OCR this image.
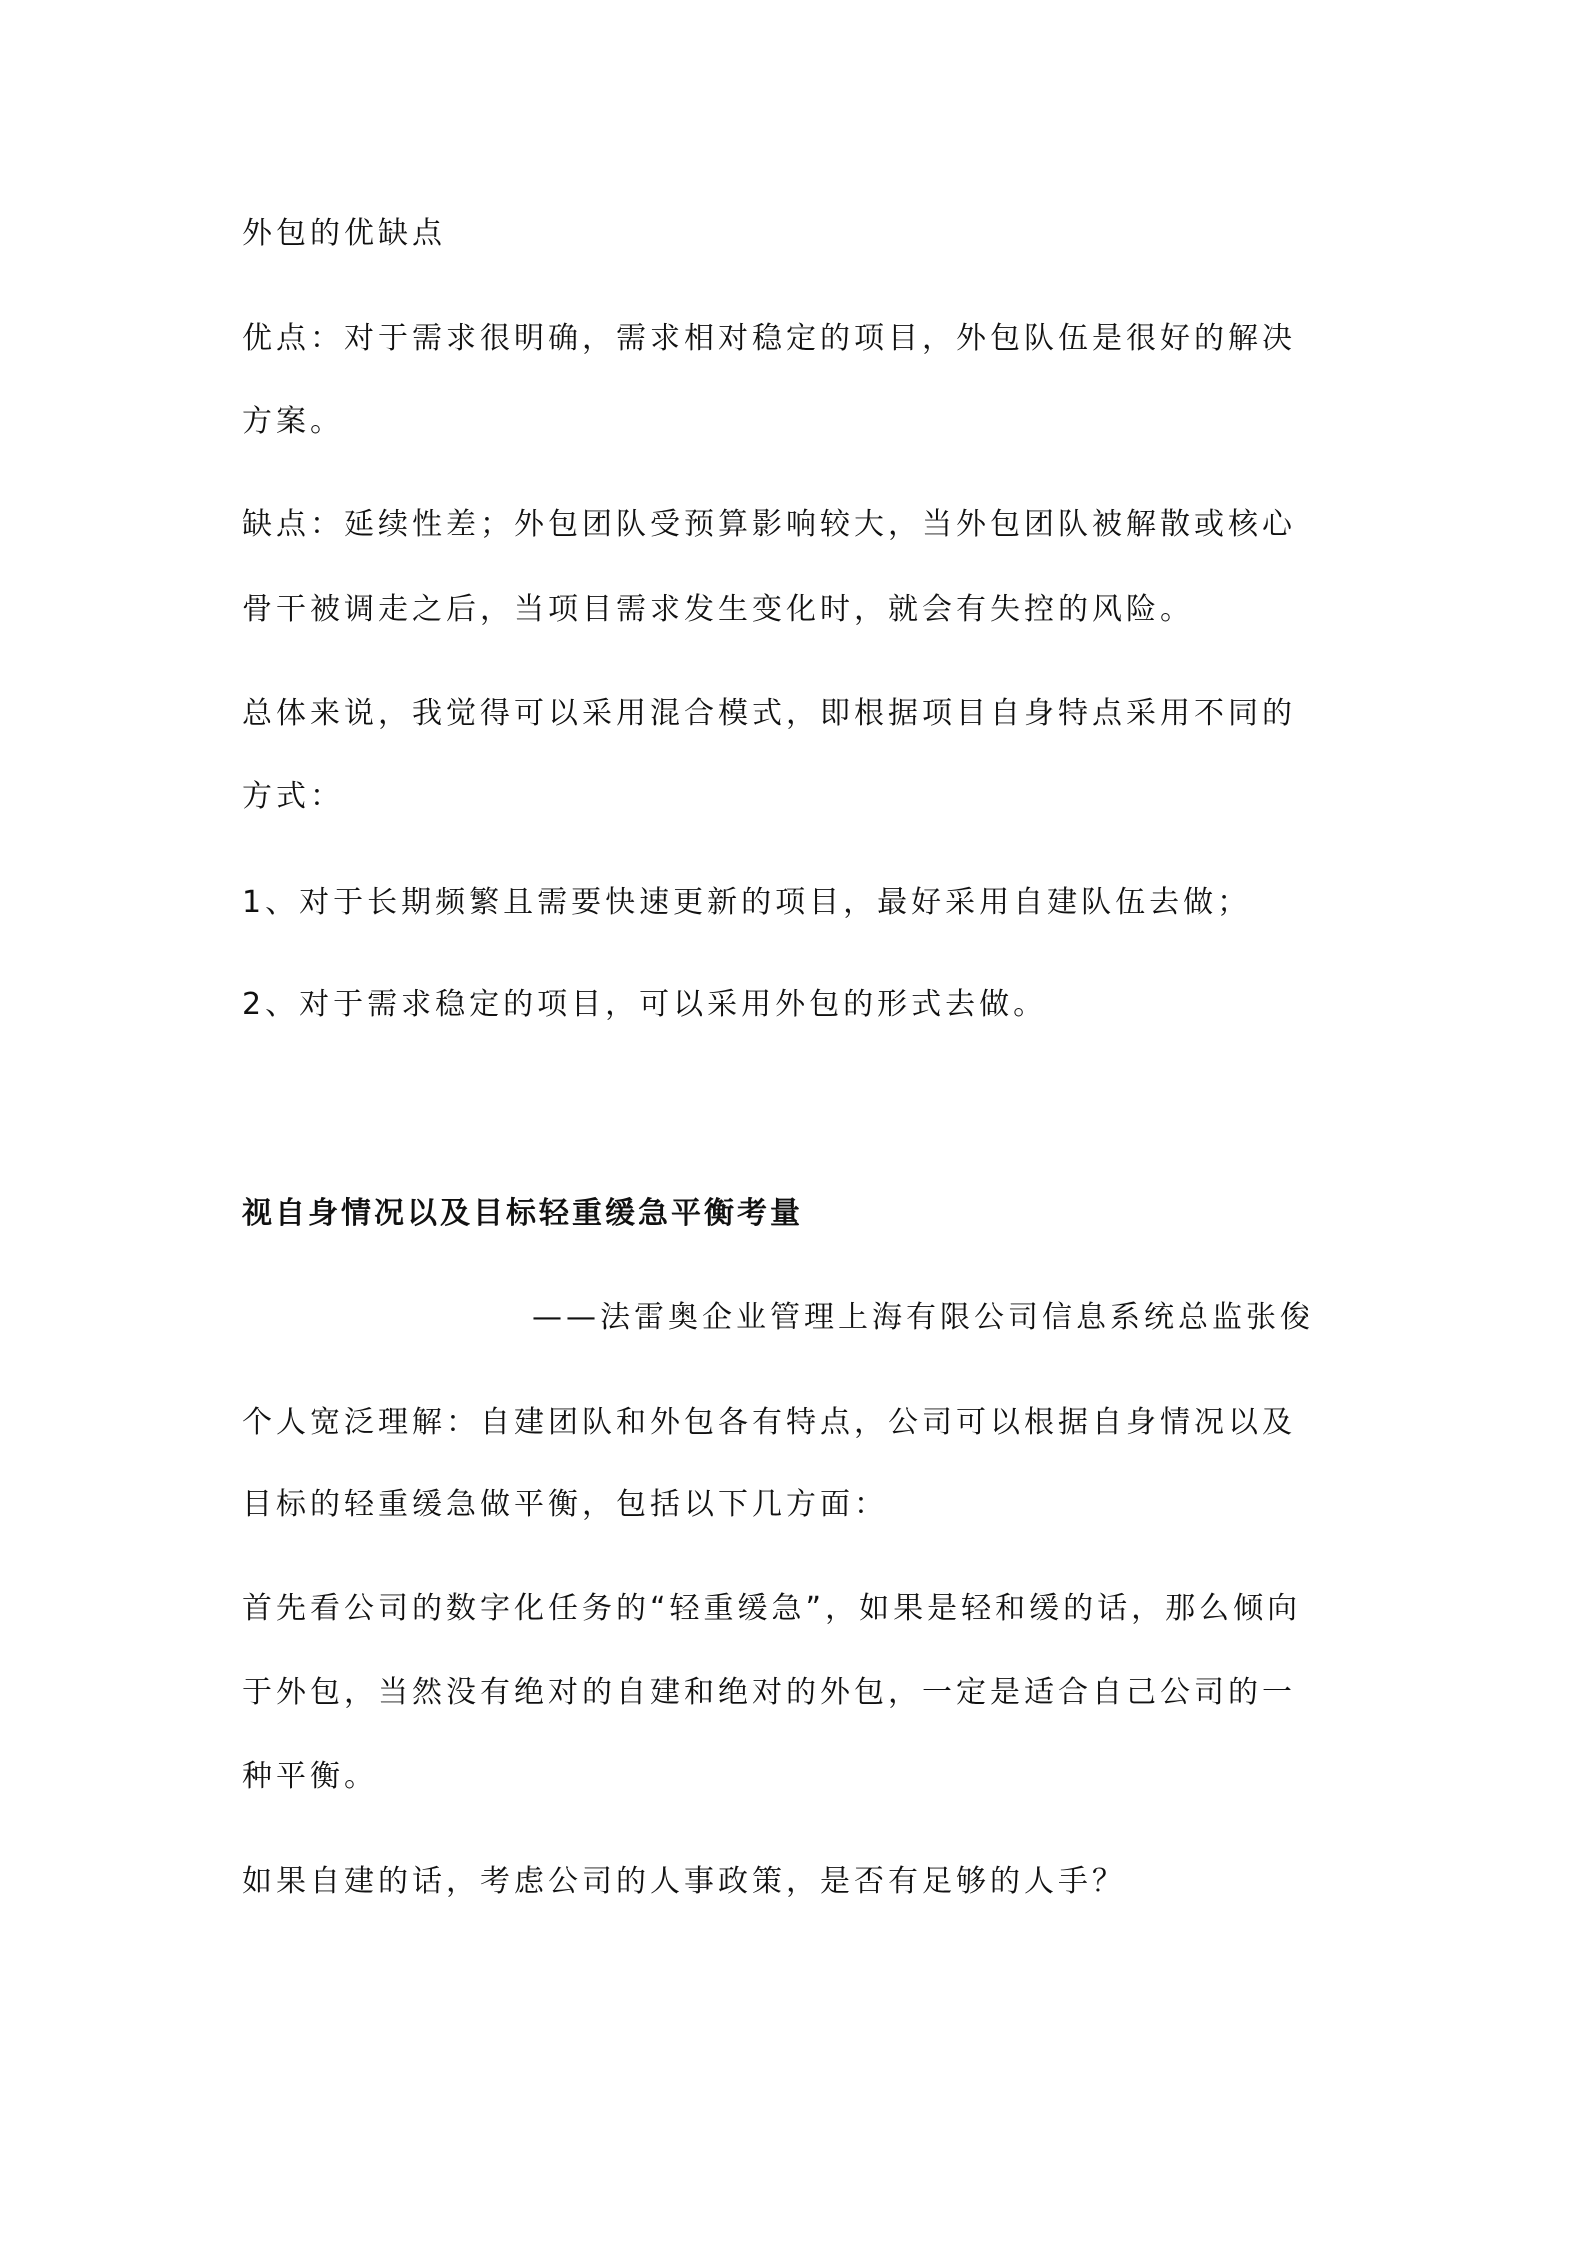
外包的优缺点
优点：对于需求很明确，需求相对稳定的项目，外包队伍是很好的解决
方案。
缺点：延续性差；外包团队受预算影响较大，当外包团队被解散或核心
骨干被调走之后，当项目需求发生变化时，就会有失控的风险。
总体来说，我觉得可以采用混合模式，即根据项目自身特点采用不同的
方式：
1、对于长期频繁且需要快速更新的项目，最好采用自建队伍去做；
2、对于需求稳定的项目，可以采用外包的形式去做。
视自身情况以及目标轻重缓急平衡考量
——法雷奥企业管理上海有限公司信息系统总监张俊
个人宽泛理解：自建团队和外包各有特点，公司可以根据自身情况以及
目标的轻重缓急做平衡，包括以下几方面：
首先看公司的数字化任务的“轻重缓急”，如果是轻和缓的话，那么倾向
于外包，当然没有绝对的自建和绝对的外包，一定是适合自己公司的一
种平衡。
如果自建的话，考虑公司的人事政策，是否有足够的人手？
